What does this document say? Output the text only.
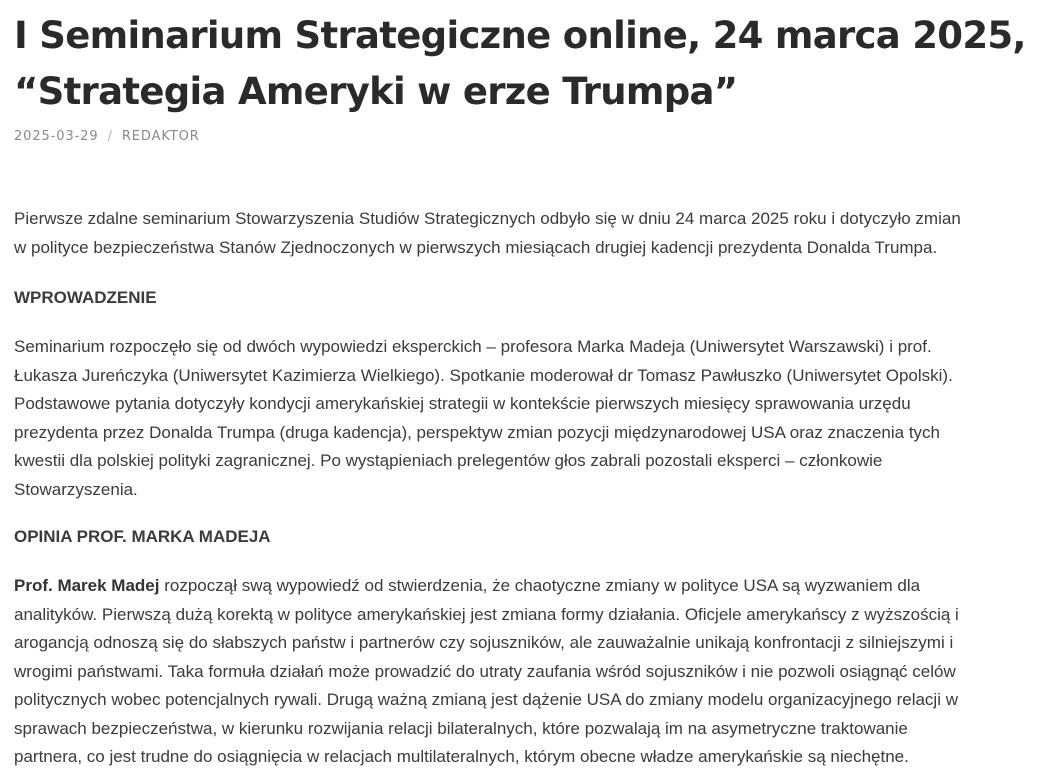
I Seminarium Strategiczne online, 24 marca 2025,
“Strategia Ameryki w erze Trumpa”
2025-03-29 / REDAKTOR

Pierwsze zdalne seminarium Stowarzyszenia Studiów Strategicznych odbyło się w dniu 24 marca 2025 roku i dotyczyło zmian
w polityce bezpieczeństwa Stanów Zjednoczonych w pierwszych miesiącach drugiej kadencji prezydenta Donalda Trumpa.

WPROWADZENIE

Seminarium rozpoczęło się od dwóch wypowiedzi eksperckich – profesora Marka Madeja (Uniwersytet Warszawski) i prof.
Łukasza Jureńczyka (Uniwersytet Kazimierza Wielkiego). Spotkanie moderował dr Tomasz Pawłuszko (Uniwersytet Opolski).
Podstawowe pytania dotyczyły kondycji amerykańskiej strategii w kontekście pierwszych miesięcy sprawowania urzędu
prezydenta przez Donalda Trumpa (druga kadencja), perspektyw zmian pozycji międzynarodowej USA oraz znaczenia tych
kwestii dla polskiej polityki zagranicznej. Po wystąpieniach prelegentów głos zabrali pozostali eksperci – członkowie
Stowarzyszenia.

OPINIA PROF. MARKA MADEJA

Prof. Marek Madej rozpoczął swą wypowiedź od stwierdzenia, że chaotyczne zmiany w polityce USA są wyzwaniem dla
analityków. Pierwszą dużą korektą w polityce amerykańskiej jest zmiana formy działania. Oficjele amerykańscy z wyższością i
arogancją odnoszą się do słabszych państw i partnerów czy sojuszników, ale zauważalnie unikają konfrontacji z silniejszymi i
wrogimi państwami. Taka formuła działań może prowadzić do utraty zaufania wśród sojuszników i nie pozwoli osiągnąć celów
politycznych wobec potencjalnych rywali. Drugą ważną zmianą jest dążenie USA do zmiany modelu organizacyjnego relacji w
sprawach bezpieczeństwa, w kierunku rozwijania relacji bilateralnych, które pozwalają im na asymetryczne traktowanie
partnera, co jest trudne do osiągnięcia w relacjach multilateralnych, którym obecne władze amerykańskie są niechętne.
